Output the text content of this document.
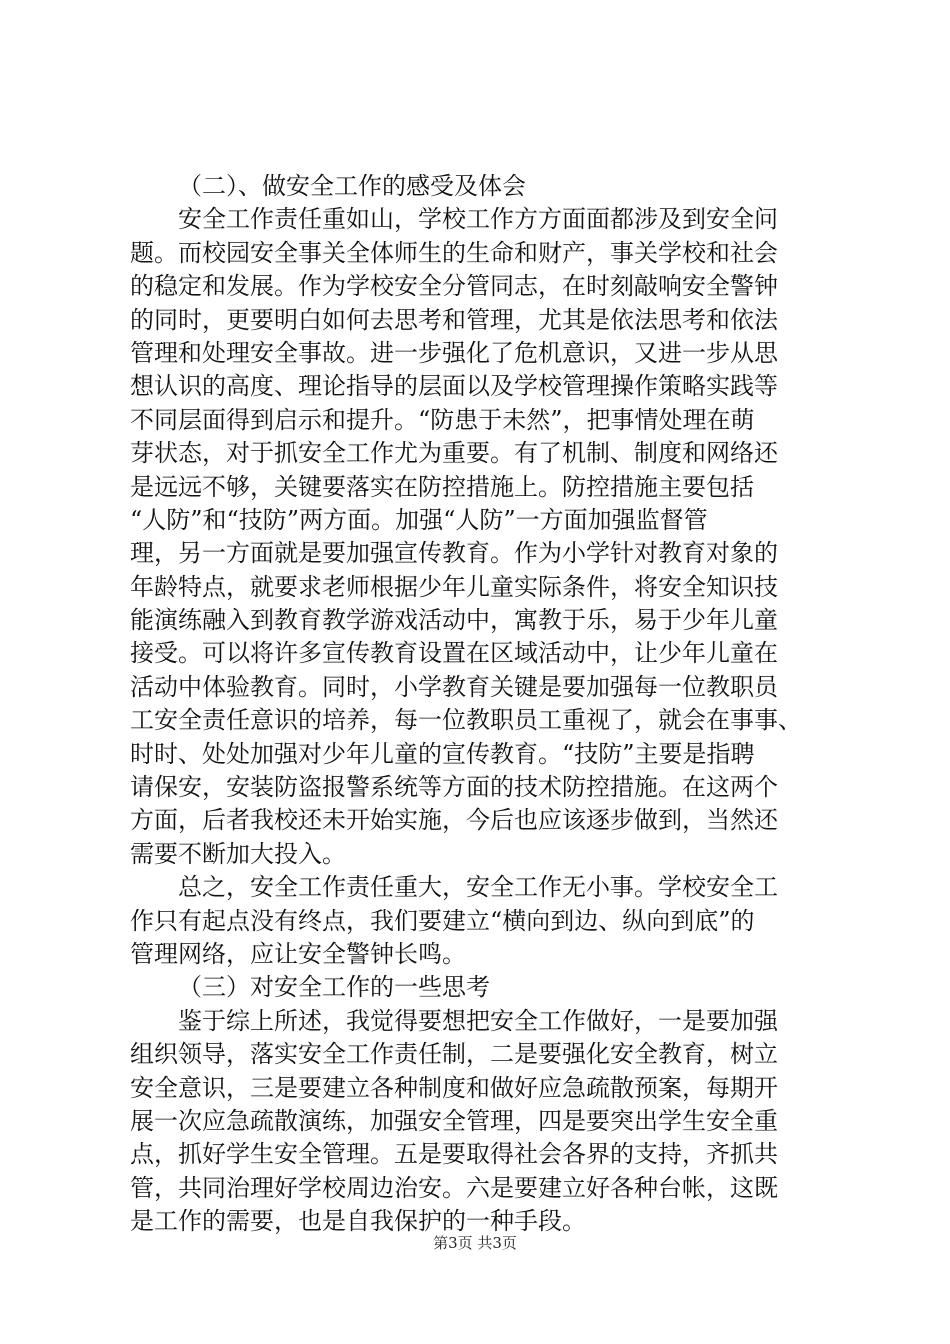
（二）、做安全工作的感受及体会
安全工作责任重如山，学校工作方方面面都涉及到安全问
题。而校园安全事关全体师生的生命和财产，事关学校和社会
的稳定和发展。作为学校安全分管同志，在时刻敲响安全警钟
的同时，更要明白如何去思考和管理，尤其是依法思考和依法
管理和处理安全事故。进一步强化了危机意识，又进一步从思
想认识的高度、理论指导的层面以及学校管理操作策略实践等
不同层面得到启示和提升。“防患于未然”，把事情处理在萌
芽状态，对于抓安全工作尤为重要。有了机制、制度和网络还
是远远不够，关键要落实在防控措施上。防控措施主要包括
“人防”和“技防”两方面。加强“人防”一方面加强监督管
理，另一方面就是要加强宣传教育。作为小学针对教育对象的
年龄特点，就要求老师根据少年儿童实际条件，将安全知识技
能演练融入到教育教学游戏活动中，寓教于乐，易于少年儿童
接受。可以将许多宣传教育设置在区域活动中，让少年儿童在
活动中体验教育。同时，小学教育关键是要加强每一位教职员
工安全责任意识的培养，每一位教职员工重视了，就会在事事、
时时、处处加强对少年儿童的宣传教育。“技防”主要是指聘
请保安，安装防盗报警系统等方面的技术防控措施。在这两个
方面，后者我校还未开始实施，今后也应该逐步做到，当然还
需要不断加大投入。
总之，安全工作责任重大，安全工作无小事。学校安全工
作只有起点没有终点，我们要建立“横向到边、纵向到底”的
管理网络，应让安全警钟长鸣。
（三）对安全工作的一些思考
鉴于综上所述，我觉得要想把安全工作做好，一是要加强
组织领导，落实安全工作责任制，二是要强化安全教育，树立
安全意识，三是要建立各种制度和做好应急疏散预案，每期开
展一次应急疏散演练，加强安全管理，四是要突出学生安全重
点，抓好学生安全管理。五是要取得社会各界的支持，齐抓共
管，共同治理好学校周边治安。六是要建立好各种台帐，这既
是工作的需要，也是自我保护的一种手段。
第3页 共3页
